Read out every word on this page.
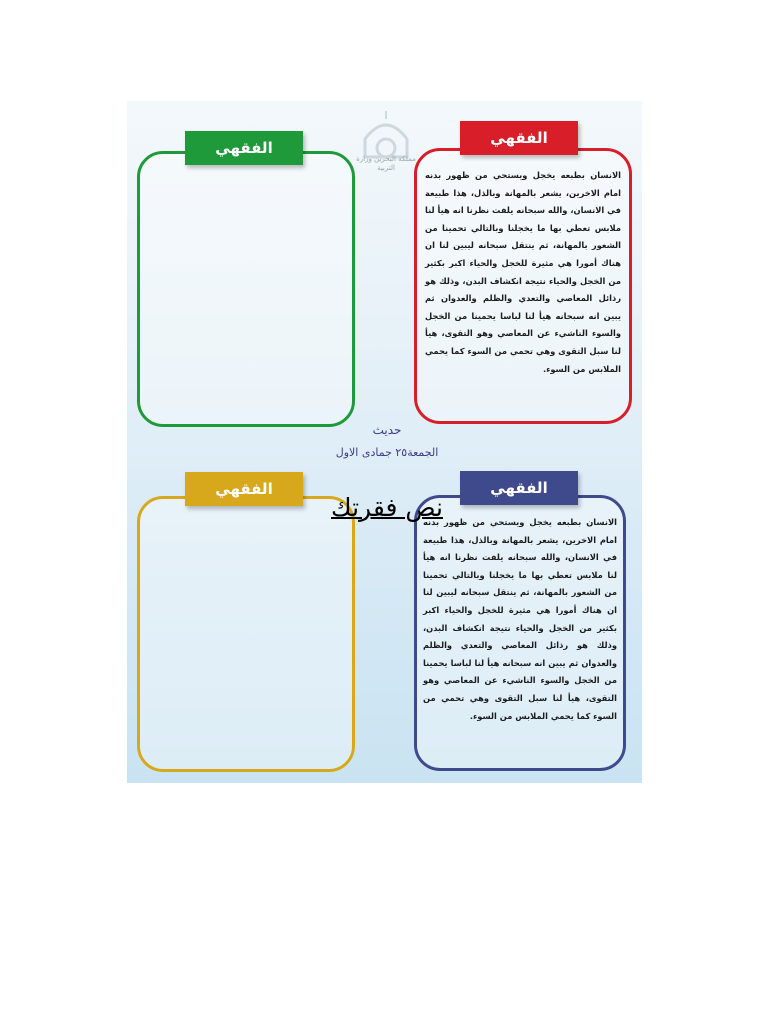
مملكة البحرين وزارة التربية
الفقهي
الانسان بطبعه يخجل ويستحي من ظهور بدنه امام الاخرين، يشعر بالمهانة وبالذل، هذا طبيعة في الانسان، والله سبحانه يلفت نظرنا انه هيأ لنا ملابس تعطي بها ما يخجلنا وبالتالي تحمينا من الشعور بالمهانة، ثم ينتقل سبحانه ليبين لنا ان هناك أمورا هي مثيرة للخجل والحياء اكبر بكثير من الخجل والحياء نتيجة انكشاف البدن، وذلك هو رذائل المعاصي والتعدي والظلم والعدوان ثم يبين انه سبحانه هيأ لنا لباسا يحمينا من الخجل والسوء الناشيء عن المعاصي وهو التقوى، هيأ لنا سبل التقوى وهي تحمي من السوء كما يحمي الملابس من السوء.
الفقهي
حديث
الجمعة٢٥ جمادى الاول
الفقهي	الفقهي
الانسان بطبعه يخجل ويستحي من ظهور بدنه امام الاخرين، يشعر بالمهانة وبالذل، هذا طبيعة في الانسان، والله سبحانه يلفت نظرنا انه هيأ لنا ملابس تعطي بها ما يخجلنا وبالتالي تحمينا من الشعور بالمهانة، ثم ينتقل سبحانه ليبين لنا ان هناك أمورا هي مثيرة للخجل والحياء اكبر بكثير من الخجل والحياء نتيجة انكشاف البدن، وذلك هو رذائل المعاصي والتعدي والظلم والعدوان ثم يبين انه سبحانه هيأ لنا لباسا يحمينا من الخجل والسوء الناشيء عن المعاصي وهو التقوى، هيأ لنا سبل التقوى وهي تحمي من السوء كما يحمي الملابس من السوء.
نص فقرتك
